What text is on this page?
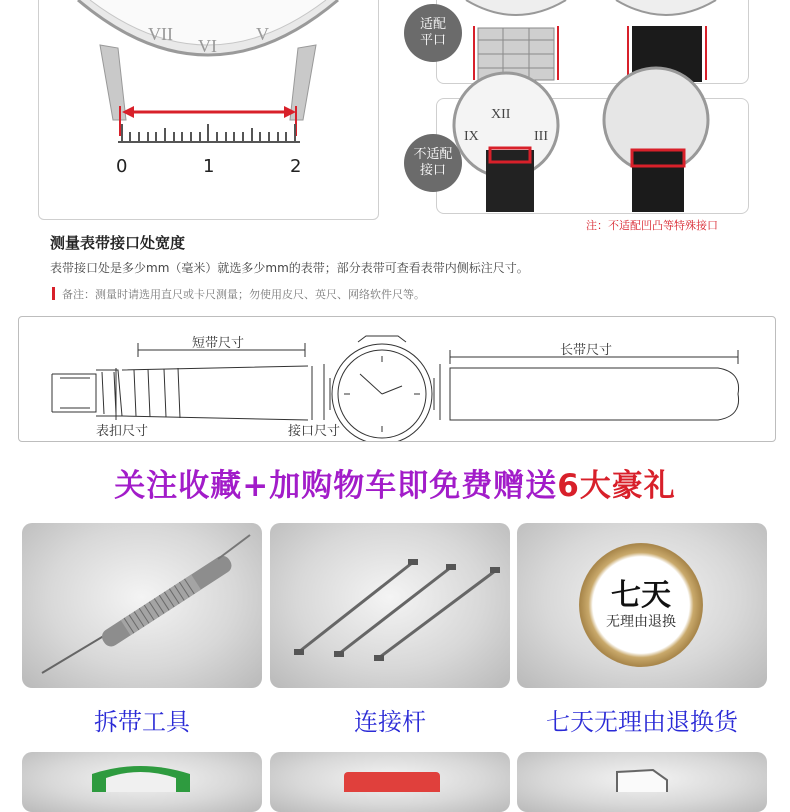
VII
VI
V
0	1	2
XII
IX	III
适配
平口
不适配
接口
注：不适配凹凸等特殊接口
测量表带接口处宽度
表带接口处是多少mm（毫米）就选多少mm的表带；部分表带可查看表带内侧标注尺寸。
备注：测量时请选用直尺或卡尺测量；勿使用皮尺、英尺、网络软件尺等。
短带尺寸	长带尺寸
表扣尺寸	接口尺寸
关注收藏+加购物车即免费赠送6大豪礼
七天
无理由退换
拆带工具	连接杆	七天无理由退换货
